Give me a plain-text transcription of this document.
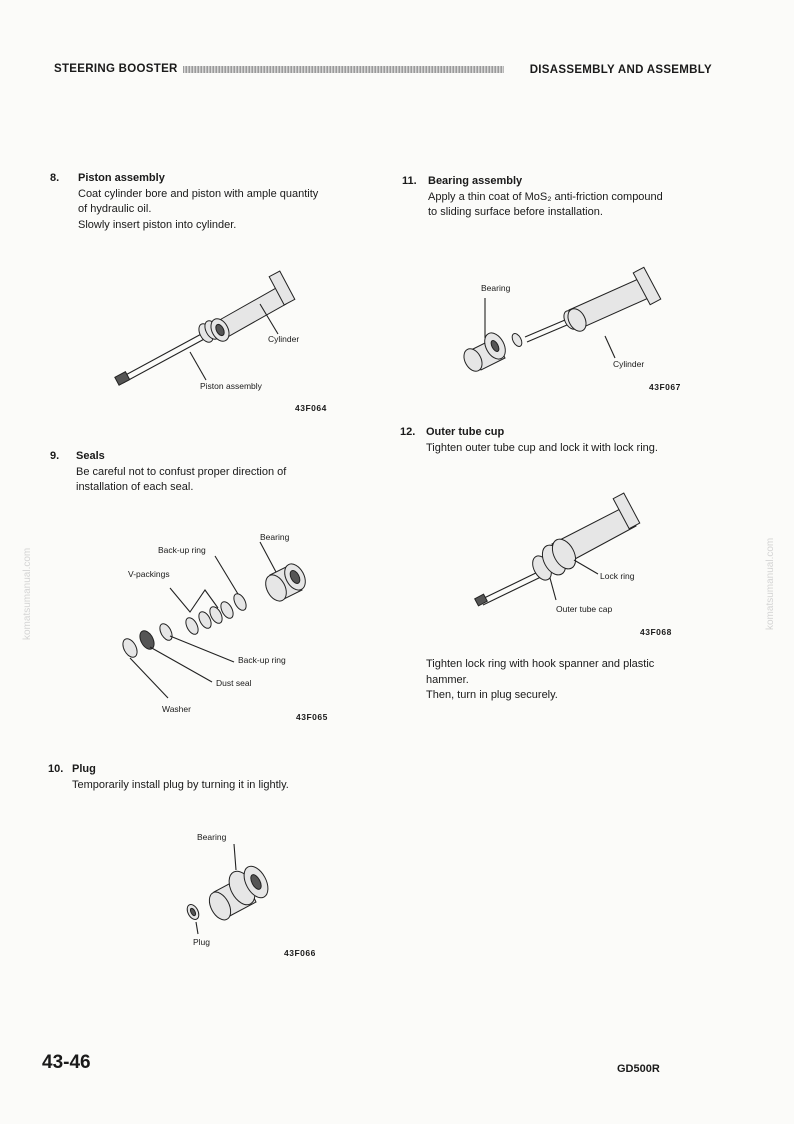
STEERING BOOSTER	DISASSEMBLY AND ASSEMBLY
komatsumanual.com	komatsumanual.com
8. Piston assembly
Coat cylinder bore and piston with ample quantity
of hydraulic oil.
Slowly insert piston into cylinder.
Cylinder
Piston assembly
43F064
9. Seals
Be careful not to confust proper direction of
installation of each seal.
Bearing
Back-up ring
V-packings
Back-up ring
Dust seal
Washer
43F065
10. Plug
Temporarily install plug by turning it in lightly.
Bearing
Plug
43F066
11. Bearing assembly
Apply a thin coat of MoS₂ anti-friction compound
to sliding surface before installation.
Bearing
Cylinder
43F067
12. Outer tube cup
Tighten outer tube cup and lock it with lock ring.
Lock ring
Outer tube cap
43F068
Tighten lock ring with hook spanner and plastic
hammer.
Then, turn in plug securely.
43-46	GD500R
